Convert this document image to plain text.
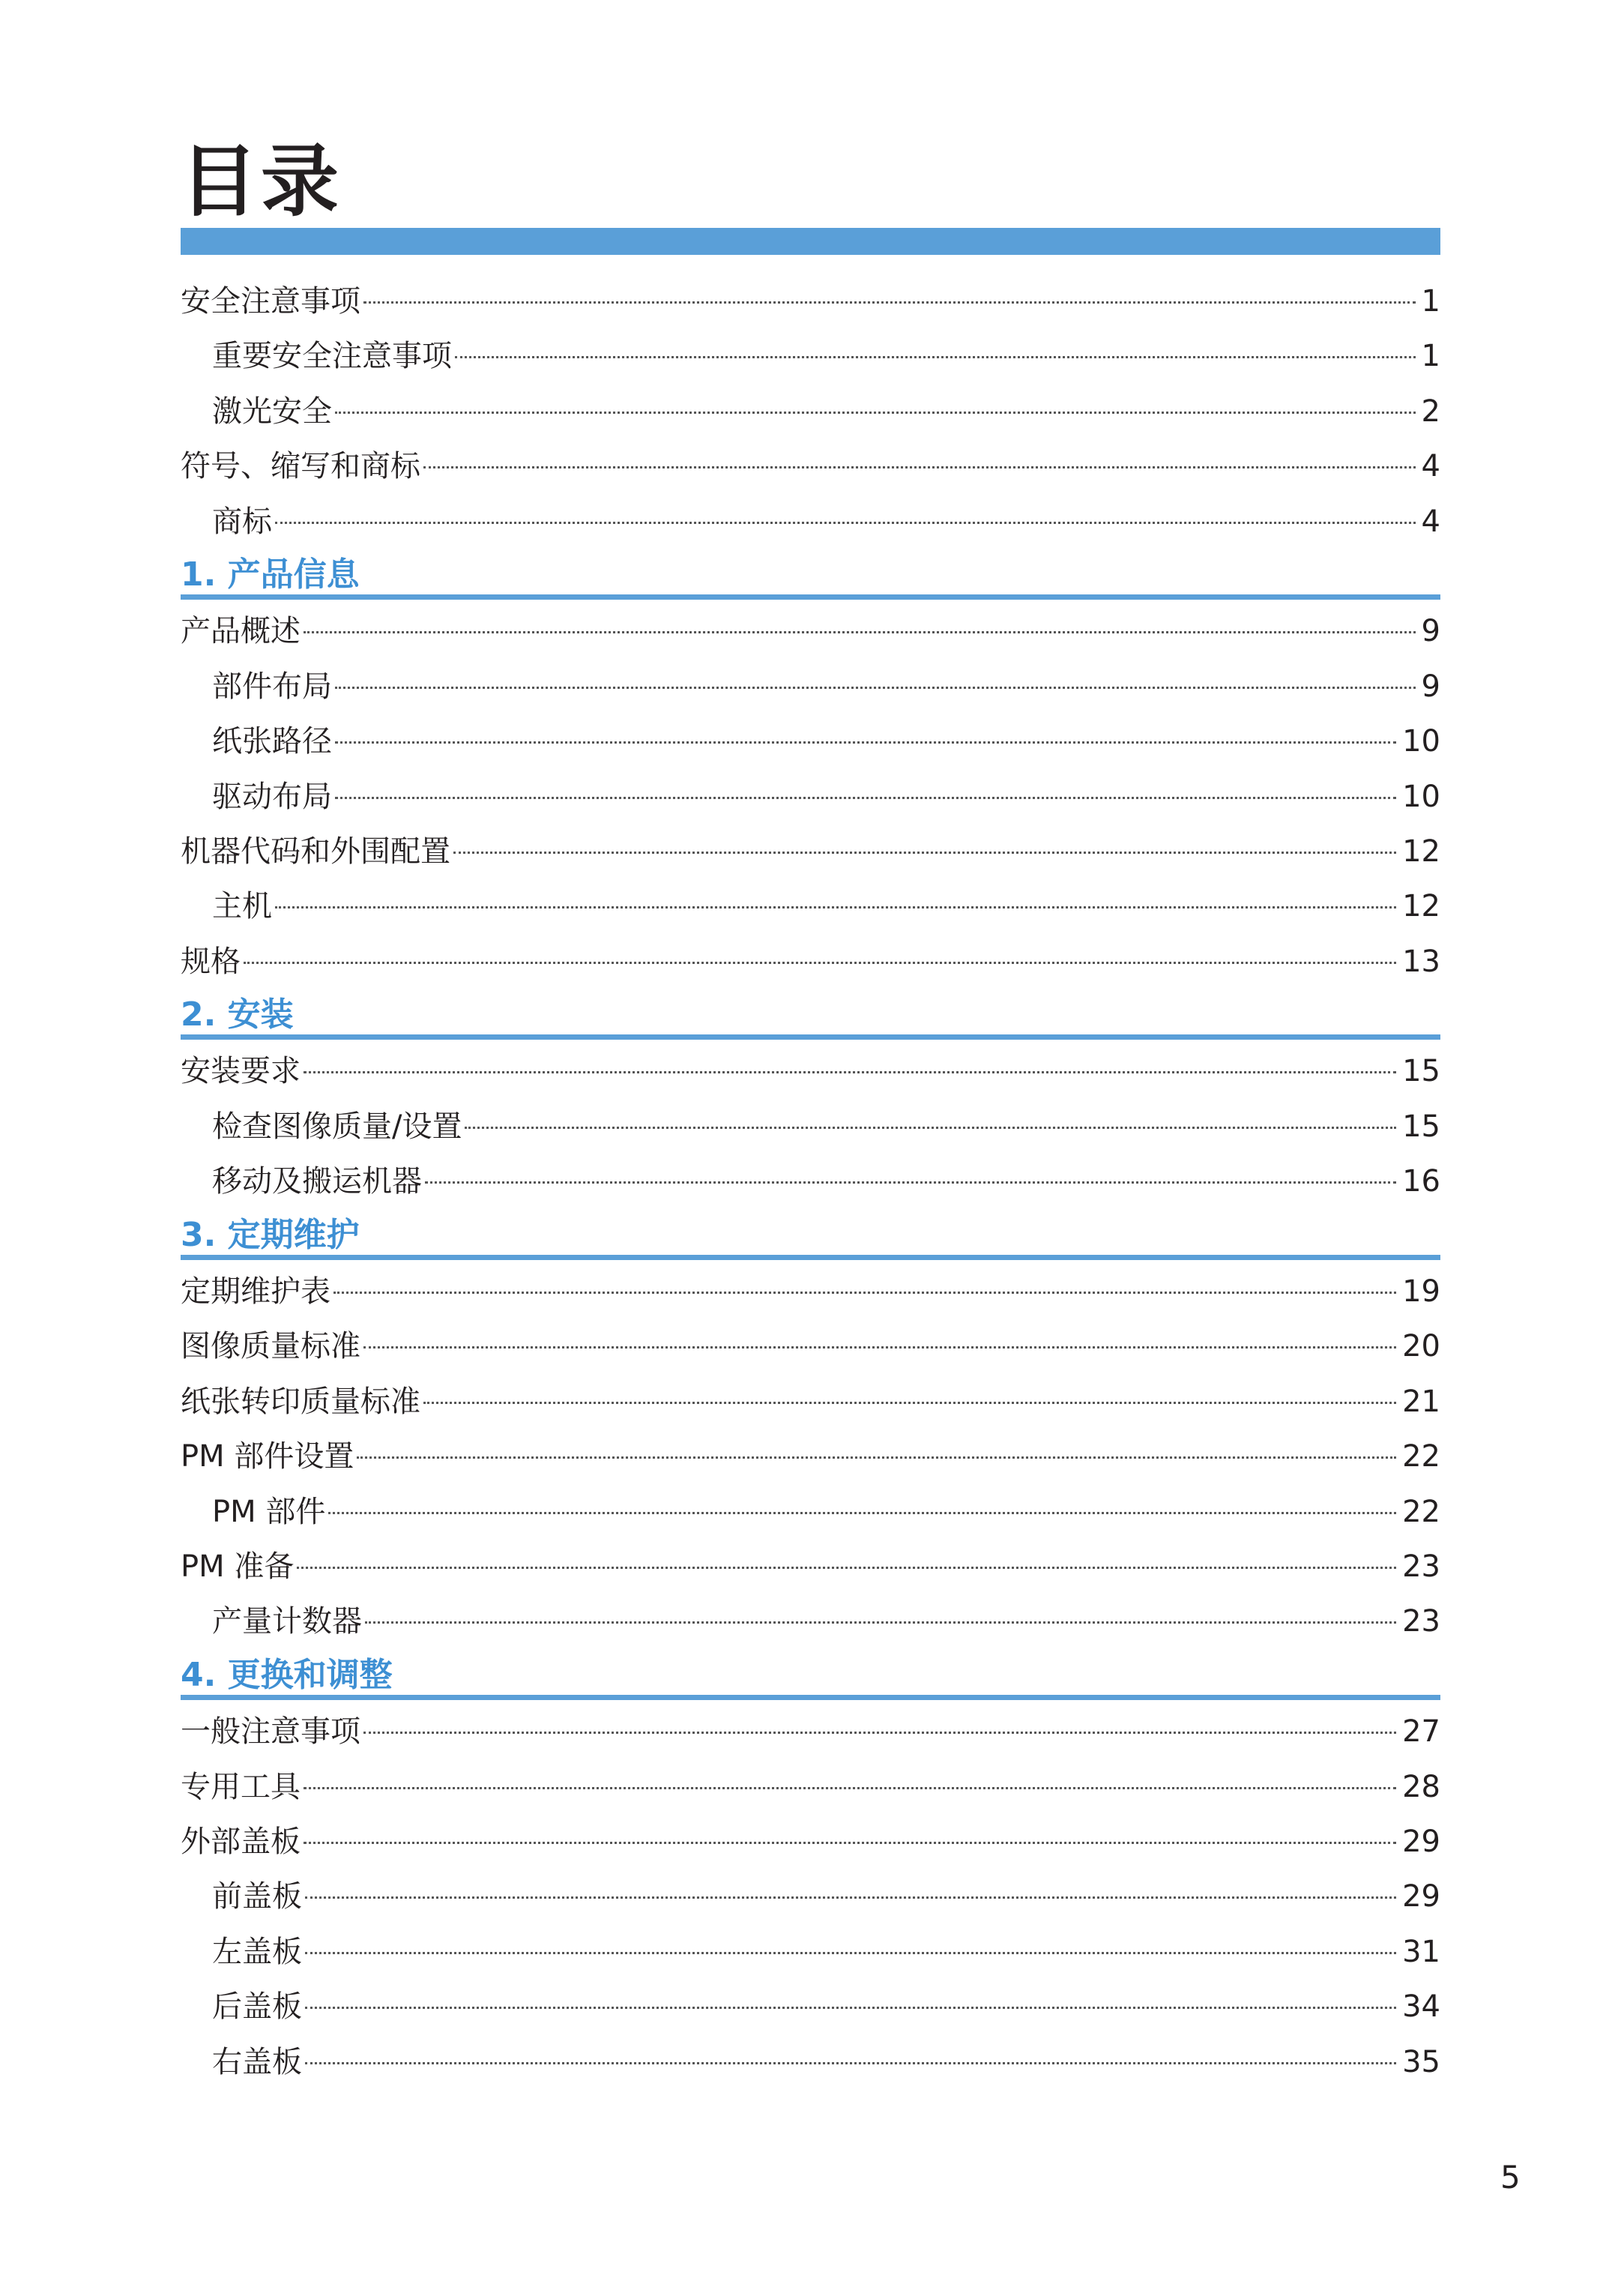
目录
安全注意事项	1
重要安全注意事项	1
激光安全	2
符号、缩写和商标	4
商标	4
1. 产品信息
产品概述	9
部件布局	9
纸张路径	10
驱动布局	10
机器代码和外围配置	12
主机	12
规格	13
2. 安装
安装要求	15
检查图像质量/设置	15
移动及搬运机器	16
3. 定期维护
定期维护表	19
图像质量标准	20
纸张转印质量标准	21
PM 部件设置	22
PM 部件	22
PM 准备	23
产量计数器	23
4. 更换和调整
一般注意事项	27
专用工具	28
外部盖板	29
前盖板	29
左盖板	31
后盖板	34
右盖板	35
5
